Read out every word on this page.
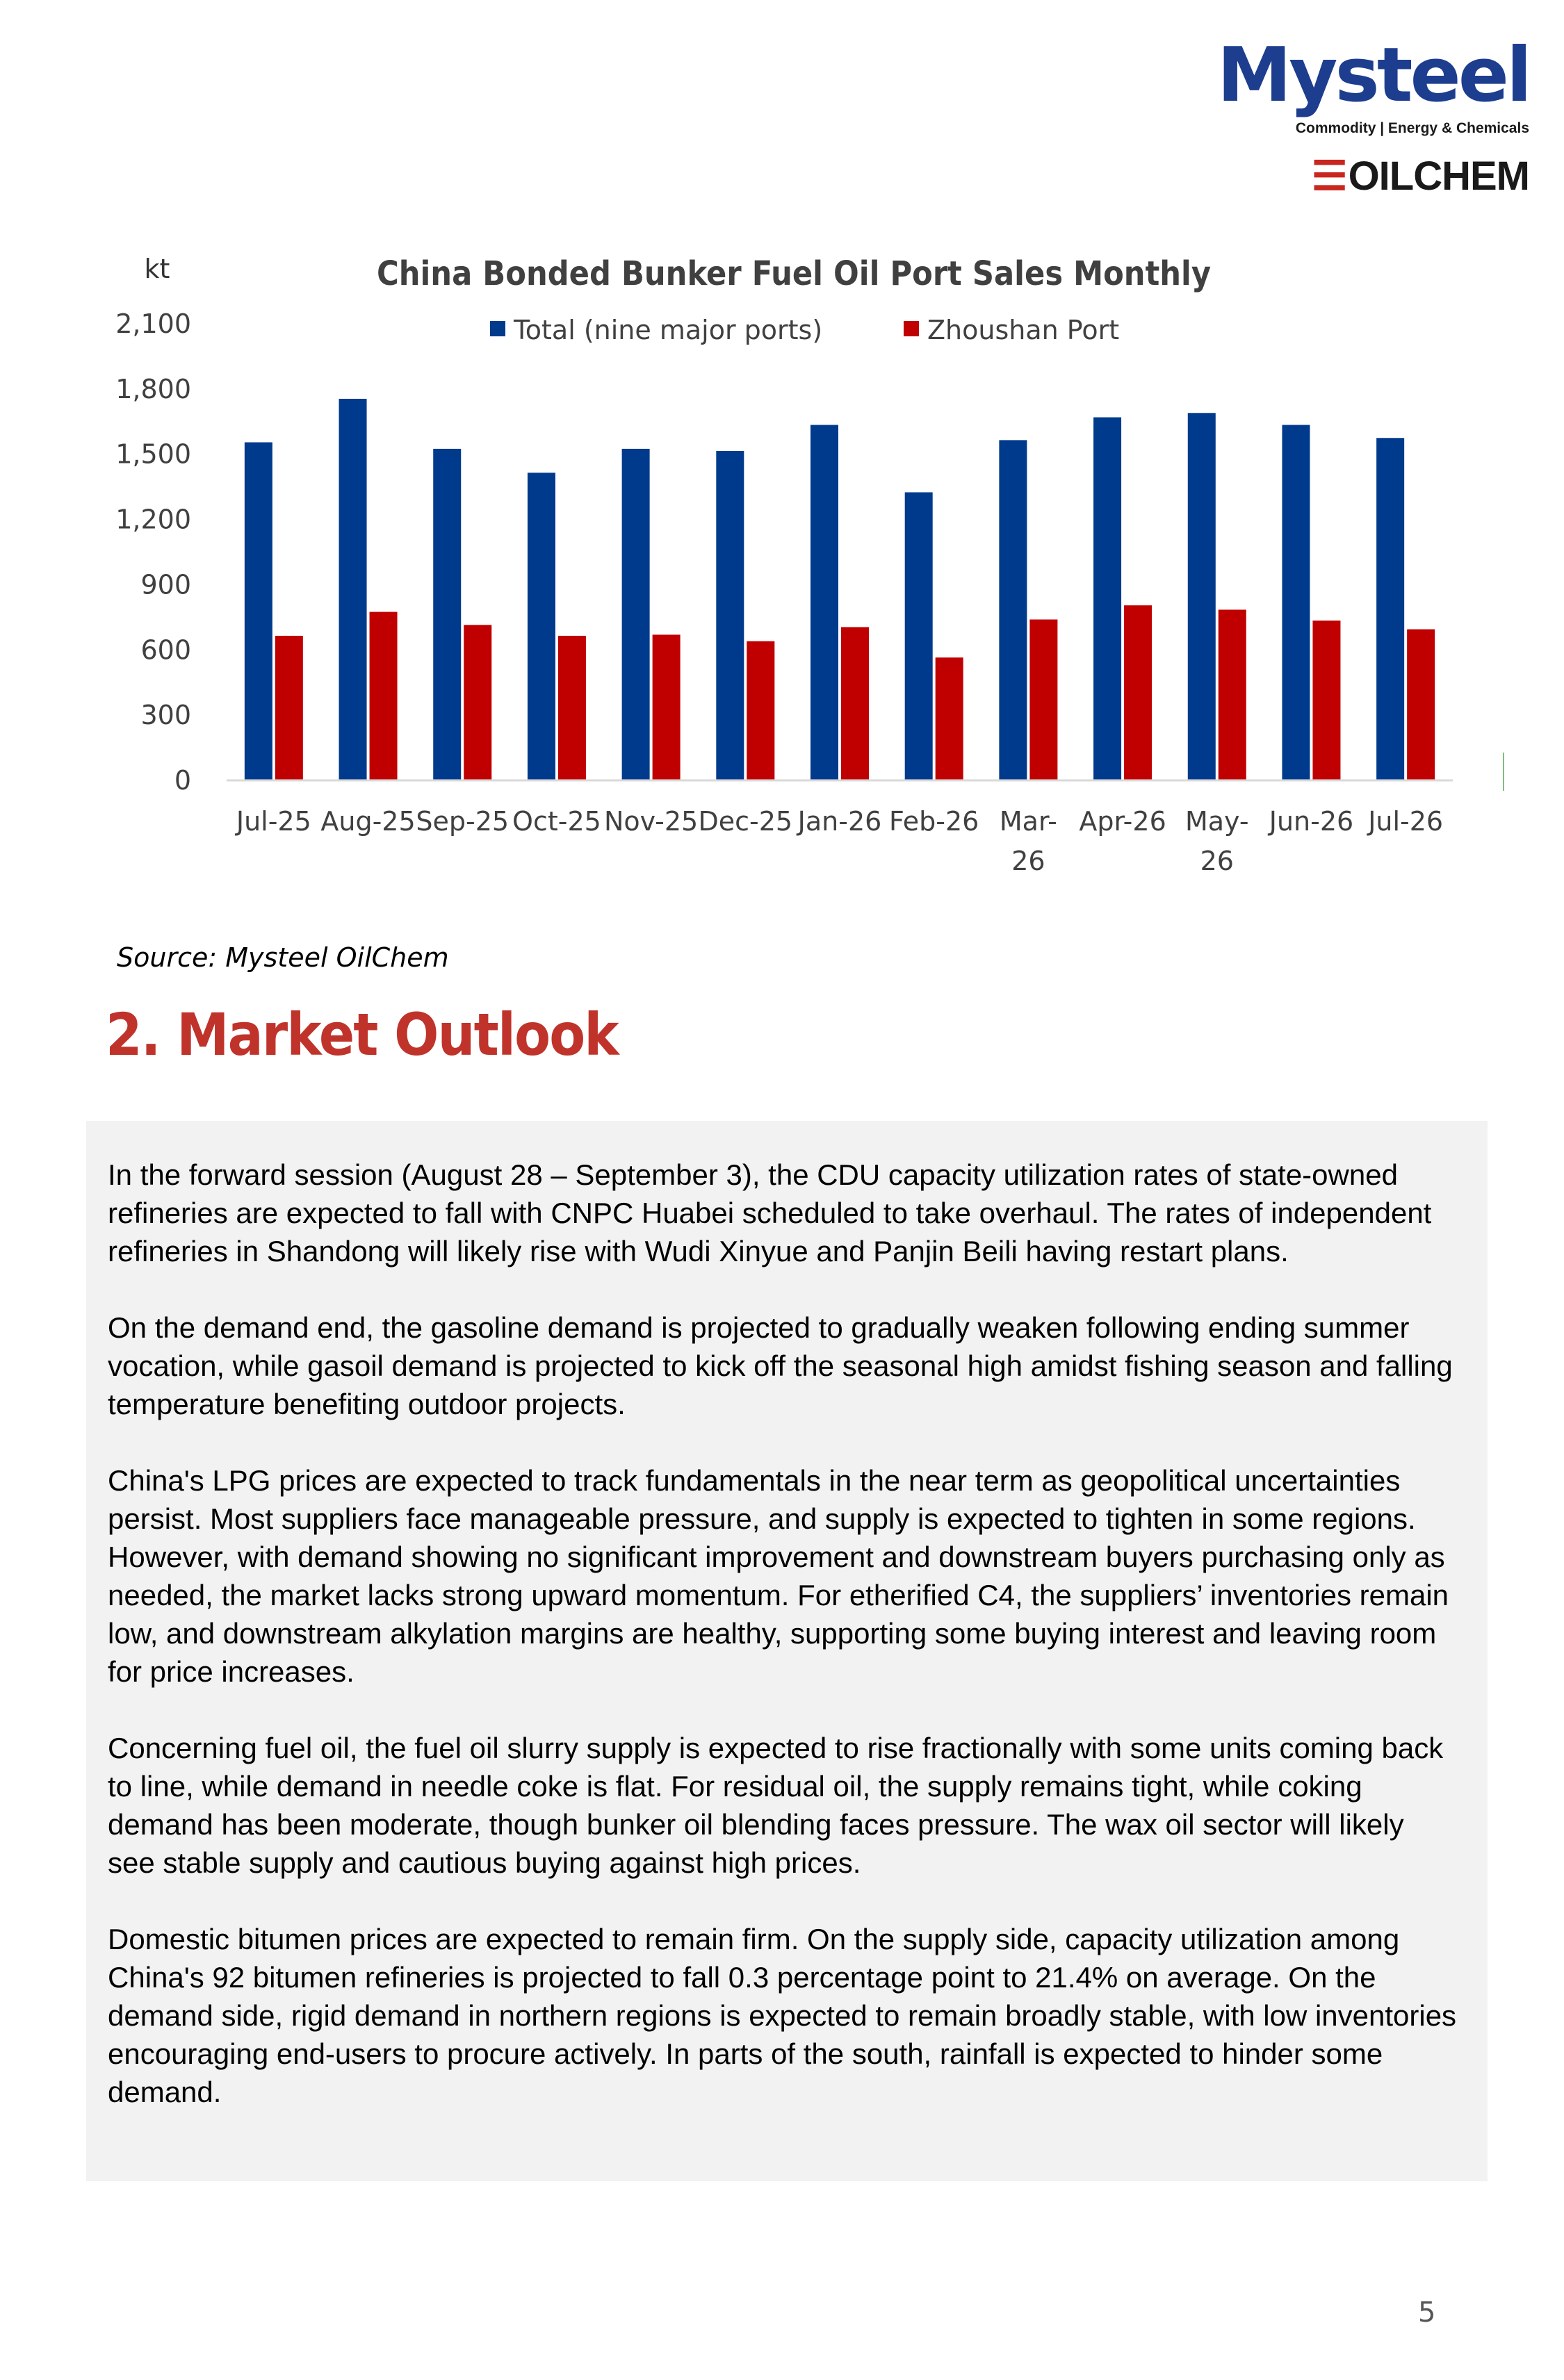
Mysteel
Commodity | Energy & Chemicals
☰OILCHEM
kt	China Bonded Bunker Fuel Oil Port Sales Monthly
Total (nine major ports)	Zhoushan Port
0
300
600
900
1,200
1,500
1,800
2,100
Jul-25 Aug-25 Sep-25 Oct-25 Nov-25 Dec-25 Jan-26 Feb-26 Mar-
26
Apr-26 May-
26
Jun-26 Jul-26
Source: Mysteel OilChem
2. Market Outlook

In the forward session (August 28 – September 3), the CDU capacity utilization rates of state-owned refineries are expected to fall with CNPC Huabei scheduled to take overhaul. The rates of independent refineries in Shandong will likely rise with Wudi Xinyue and Panjin Beili having restart plans.

On the demand end, the gasoline demand is projected to gradually weaken following ending summer vocation, while gasoil demand is projected to kick off the seasonal high amidst fishing season and falling temperature benefiting outdoor projects.

China's LPG prices are expected to track fundamentals in the near term as geopolitical uncertainties persist. Most suppliers face manageable pressure, and supply is expected to tighten in some regions. However, with demand showing no significant improvement and downstream buyers purchasing only as needed, the market lacks strong upward momentum. For etherified C4, the suppliers’ inventories remain low, and downstream alkylation margins are healthy, supporting some buying interest and leaving room for price increases.

Concerning fuel oil, the fuel oil slurry supply is expected to rise fractionally with some units coming back to line, while demand in needle coke is flat. For residual oil, the supply remains tight, while coking demand has been moderate, though bunker oil blending faces pressure. The wax oil sector will likely see stable supply and cautious buying against high prices.

Domestic bitumen prices are expected to remain firm. On the supply side, capacity utilization among China's 92 bitumen refineries is projected to fall 0.3 percentage point to 21.4% on average. On the demand side, rigid demand in northern regions is expected to remain broadly stable, with low inventories encouraging end-users to procure actively. In parts of the south, rainfall is expected to hinder some demand.

5
